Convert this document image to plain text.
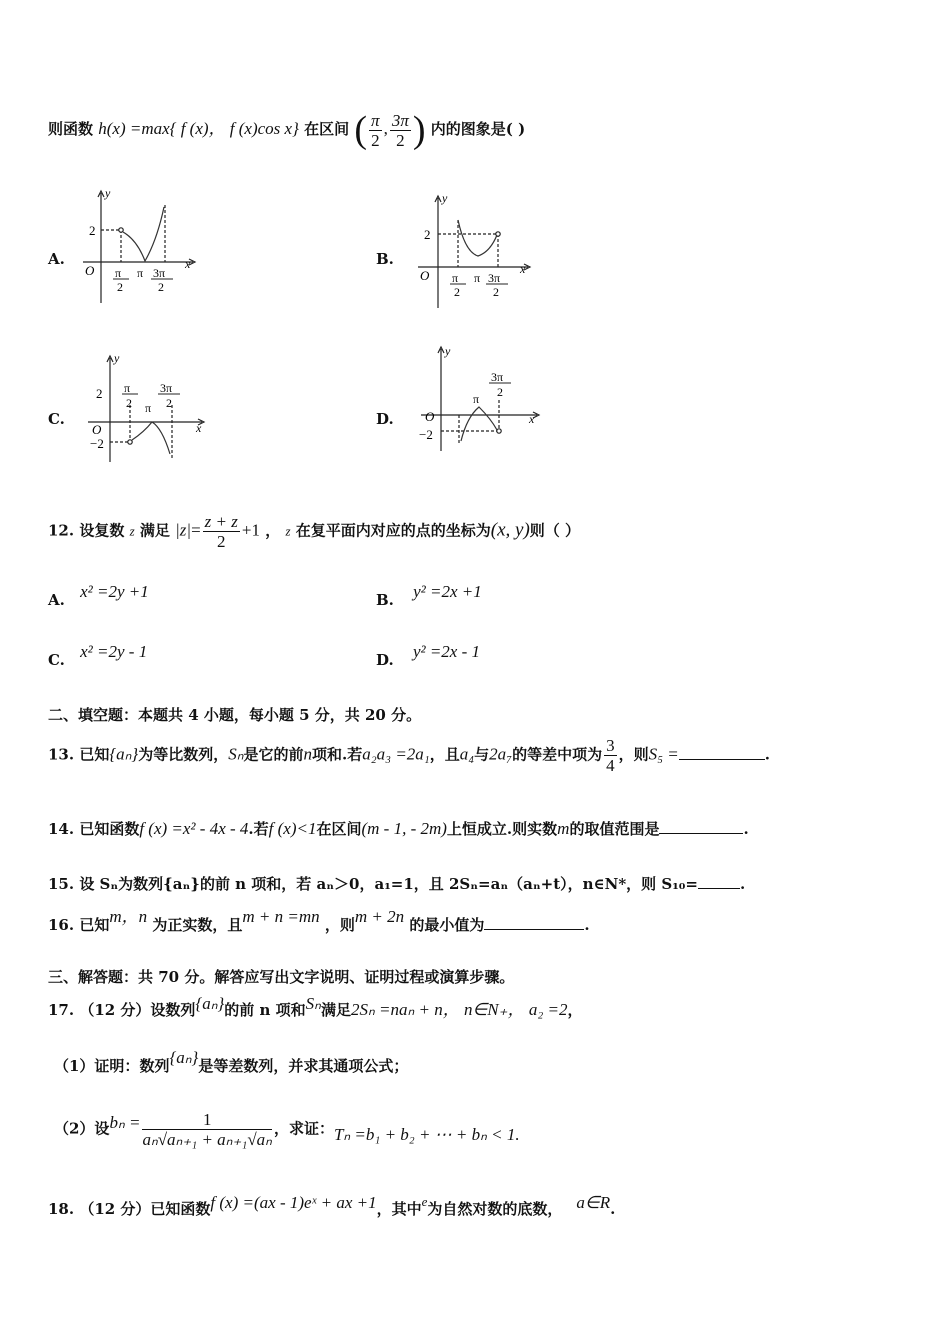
则函数 h(x) =max{ f (x)， f (x)cos x} 在区间 ( $\frac{\pi}{2}$ , $\frac{3\pi}{2}$ ) 内的图象是( )
A.	B.
C.	D.
y
x
O
2
π
2
π 3π
2
y
x
O
2
π
2
π 3π
2
y
x
O
2
−2
π
2 π
3π
2
y
x
O
−2
π
3π
2
12. 设复数 z 满足 $|z|= \frac{z + z}{2} +1$ ， z 在复平面内对应的点的坐标为(x, y)则（ ）
A. x² =2y +1	B. y² =2x +1
C. x² =2y - 1	D. y² =2x - 1
二、填空题：本题共 4 小题，每小题 5 分，共 20 分。
13. 已知{aₙ}为等比数列，Sₙ是它的前n项和.若a₂a₃ =2a₁，且a₄与2a₇的等差中项为 $\frac{3}{4}$ ，则S₅ =	.
14. 已知函数f (x) =x² - 4x - 4.若f (x)<1在区间(m - 1, - 2m)上恒成立.则实数m的取值范围是	.
15. 设 Sₙ为数列{aₙ}的前 n 项和，若 aₙ＞0，a₁=1，且 2Sₙ=aₙ（aₙ+t），n∈N*，则 S₁₀=	.
16. 已知m，n 为正实数，且m + n =mn ，则m + 2n 的最小值为	.
三、解答题：共 70 分。解答应写出文字说明、证明过程或演算步骤。
17. （12 分）设数列{aₙ}的前 n 项和Sₙ满足2Sₙ =naₙ + n， n∈N₊， a₂ =2，
（1）证明：数列{aₙ}是等差数列，并求其通项公式；
（2）设$b_n = \frac{1}{\text{aₙ√aₙ₊₁ + aₙ₊₁√aₙ}}$ ，求证：Tₙ =b₁ + b₂ + ⋯ + bₙ < 1.
18. （12 分）已知函数f (x) =(ax - 1)eˣ + ax +1，其中e为自然对数的底数， a∈R.
